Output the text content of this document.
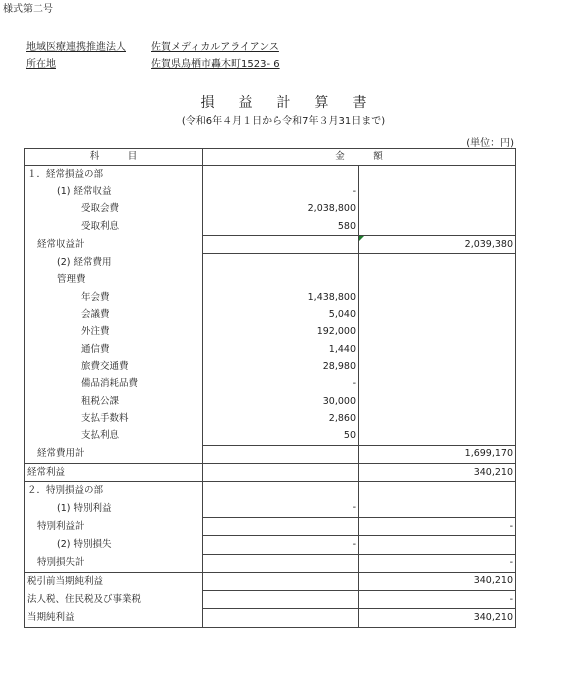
様式第二号
地域医療連携推進法人	佐賀メディカルアライアンス
所在地	佐賀県鳥栖市轟木町1523- 6
損益計算書
(令和6年４月１日から令和7年３月31日まで)
(単位：円)
科　　　目	金　　　額	
１．経常損益の部		
(1) 経常収益	-	
受取会費	2,038,800	
受取利息	580	
経常収益計		2,039,380

(2) 経常費用		
管理費		
年会費	1,438,800	
会議費	5,040	
外注費	192,000	
通信費	1,440	
旅費交通費	28,980	
備品消耗品費	-	
租税公課	30,000	
支払手数料	2,860	
支払利息	50	
経常費用計		1,699,170
経常利益		340,210
２．特別損益の部		
(1) 特別利益	-	
特別利益計		-
(2) 特別損失	-	
特別損失計		-
税引前当期純利益		340,210
法人税、住民税及び事業税		-
当期純利益		340,210
